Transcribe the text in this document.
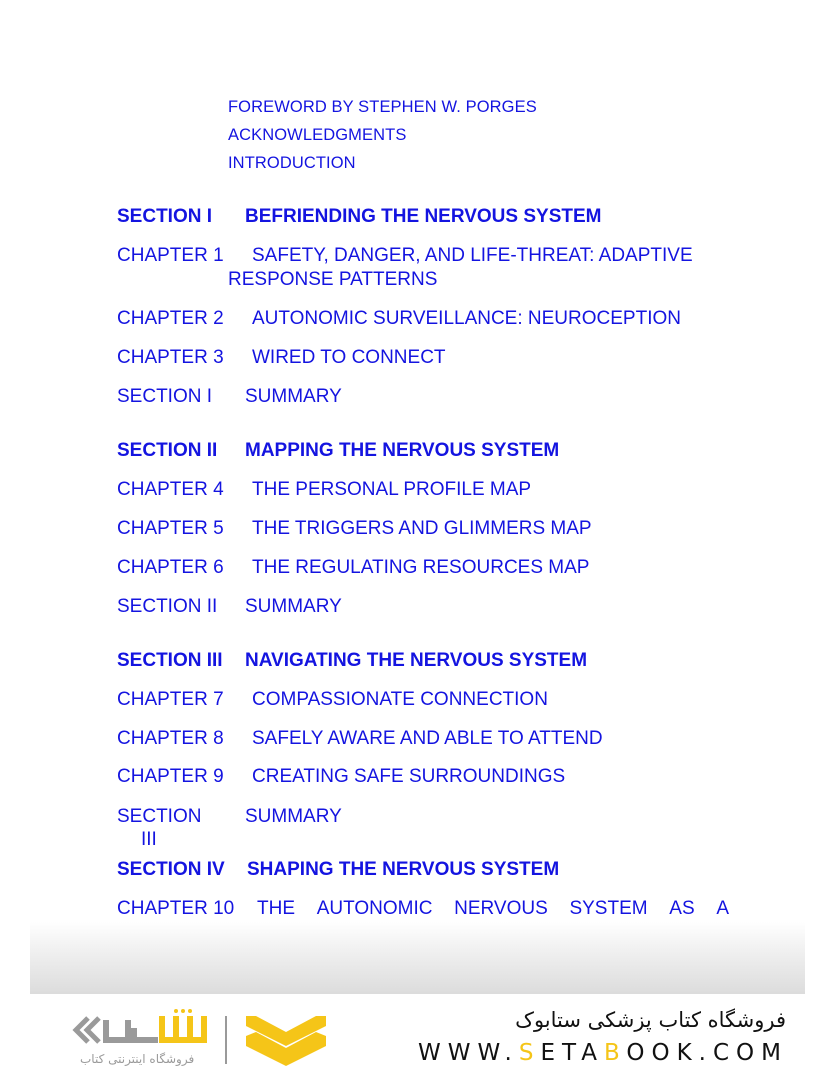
FOREWORD BY STEPHEN W. PORGES
ACKNOWLEDGMENTS
INTRODUCTION
SECTION I BEFRIENDING THE NERVOUS SYSTEM
CHAPTER 1 SAFETY, DANGER, AND LIFE-THREAT: ADAPTIVE
RESPONSE PATTERNS
CHAPTER 2 AUTONOMIC SURVEILLANCE: NEUROCEPTION
CHAPTER 3 WIRED TO CONNECT
SECTION I SUMMARY
SECTION II MAPPING THE NERVOUS SYSTEM
CHAPTER 4 THE PERSONAL PROFILE MAP
CHAPTER 5 THE TRIGGERS AND GLIMMERS MAP
CHAPTER 6 THE REGULATING RESOURCES MAP
SECTION II SUMMARY
SECTION III NAVIGATING THE NERVOUS SYSTEM
CHAPTER 7 COMPASSIONATE CONNECTION
CHAPTER 8 SAFELY AWARE AND ABLE TO ATTEND
CHAPTER 9 CREATING SAFE SURROUNDINGS
SECTION
III
SUMMARY
SECTION IV SHAPING THE NERVOUS SYSTEM
CHAPTER 10 THE AUTONOMIC NERVOUS SYSTEM AS A
فروشگاه اینترنتی کتاب
فروشگاه کتاب پزشکی ستابوک
WWW.SETABOOK.COM
